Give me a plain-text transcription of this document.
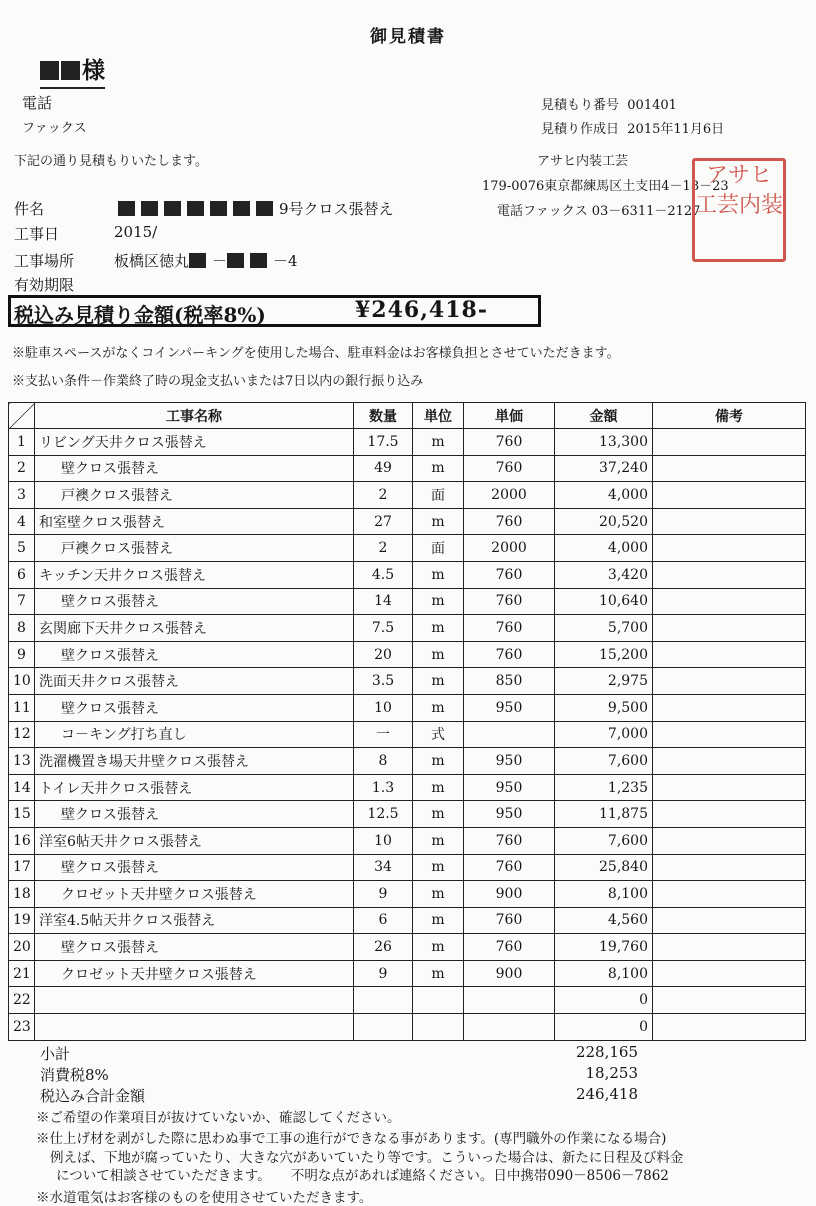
御見積書
様
電話
ファックス
見積もり番号 001401
見積り作成日 2015年11月6日
下記の通り見積もりいたします。	アサヒ内装工芸
179-0076東京都練馬区土支田4－18－23
電話ファックス 03－6311－2127
アサヒ
工芸内装
件名	9号クロス張替え
工事日	2015/
工事場所	板橋区徳丸 －	－4
有効期限
税込み見積り金額(税率8%)	¥246,418-
※駐車スペースがなくコインパーキングを使用した場合、駐車料金はお客様負担とさせていただきます。
※支払い条件－作業終了時の現金支払いまたは7日以内の銀行振り込み
	工事名称	数量	単位	単価	金額	備考
1	リビング天井クロス張替え	17.5	m	760	13,300	
2	壁クロス張替え	49	m	760	37,240	
3	戸襖クロス張替え	2	面	2000	4,000	
4	和室壁クロス張替え	27	m	760	20,520	
5	戸襖クロス張替え	2	面	2000	4,000	
6	キッチン天井クロス張替え	4.5	m	760	3,420	
7	壁クロス張替え	14	m	760	10,640	
8	玄関廊下天井クロス張替え	7.5	m	760	5,700	
9	壁クロス張替え	20	m	760	15,200	
10	洗面天井クロス張替え	3.5	m	850	2,975	
11	壁クロス張替え	10	m	950	9,500	
12	コ－キング打ち直し	一	式		7,000	
13	洗濯機置き場天井壁クロス張替え	8	m	950	7,600	
14	トイレ天井クロス張替え	1.3	m	950	1,235	
15	壁クロス張替え	12.5	m	950	11,875	
16	洋室6帖天井クロス張替え	10	m	760	7,600	
17	壁クロス張替え	34	m	760	25,840	
18	クロゼット天井壁クロス張替え	9	m	900	8,100	
19	洋室4.5帖天井クロス張替え	6	m	760	4,560	
20	壁クロス張替え	26	m	760	19,760	
21	クロゼット天井壁クロス張替え	9	m	900	8,100	
22					0	
23					0	
小計	228,165
消費税8%	18,253
税込み合計金額	246,418
※ご希望の作業項目が抜けていないか、確認してください。
※仕上げ材を剥がした際に思わぬ事で工事の進行ができなる事があります。(専門職外の作業になる場合)
例えば、下地が腐っていたり、大きな穴があいていたり等です。こういった場合は、新たに日程及び料金
について相談させていただきます。　　不明な点があれば連絡ください。日中携帯090－8506－7862
※水道電気はお客様のものを使用させていただきます。
